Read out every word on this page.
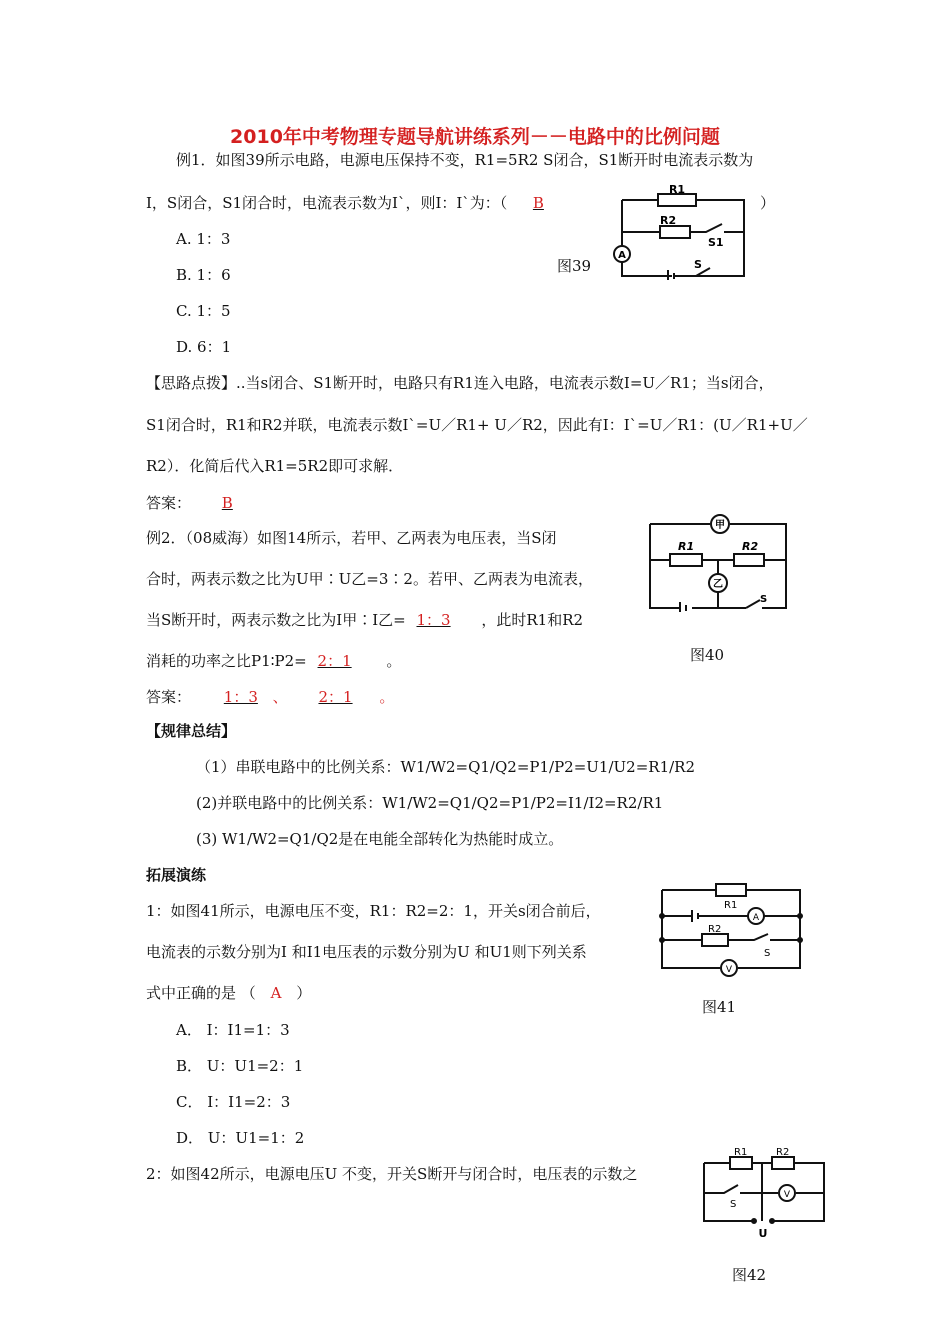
2010年中考物理专题导航讲练系列－－电路中的比例问题
例1．如图39所示电路，电源电压保持不变，R1=5R2 S闭合，S1断开时电流表示数为
I，S闭合，S1闭合时，电流表示数为I`，则I：I`为：（ B	）
A. 1：3
B. 1：6
C. 1：5
D. 6：1
R1
R2
S1
S
A
图39
【思路点拨】..当s闭合、S1断开时，电路只有R1连入电路，电流表示数I=U／R1；当s闭合，
S1闭合时，R1和R2并联，电流表示数I`=U／R1+ U／R2，因此有I：I`=U／R1：(U／R1+U／
R2）．化简后代入R1=5R2即可求解．
答案： B
例2．（08威海）如图14所示，若甲、乙两表为电压表，当S闭
合时，两表示数之比为U甲∶U乙=3∶2。若甲、乙两表为电流表，
当S断开时，两表示数之比为I甲∶I乙= 1：3 ，此时R1和R2
消耗的功率之比P1∶P2= 2：1 。
答案： 1：3 、 2：1 。
甲
乙
R1	R2
S
图40
【规律总结】
（1）串联电路中的比例关系：W1/W2=Q1/Q2=P1/P2=U1/U2=R1/R2
(2)并联电路中的比例关系：W1/W2=Q1/Q2=P1/P2=I1/I2=R2/R1
(3) W1/W2=Q1/Q2是在电能全部转化为热能时成立。
拓展演练
1：如图41所示，电源电压不变，R1：R2=2：1，开关s闭合前后，
电流表的示数分别为I 和I1电压表的示数分别为U 和U1则下列关系
式中正确的是 （ A ）
A． I：I1=1：3
B． U：U1=2：1
C． I：I1=2：3
D． U：U1=1：2
R1
R2
A
V
S
图41
2：如图42所示，电源电压U 不变，开关S断开与闭合时，电压表的示数之
R1	R2
S
V
U
图42
